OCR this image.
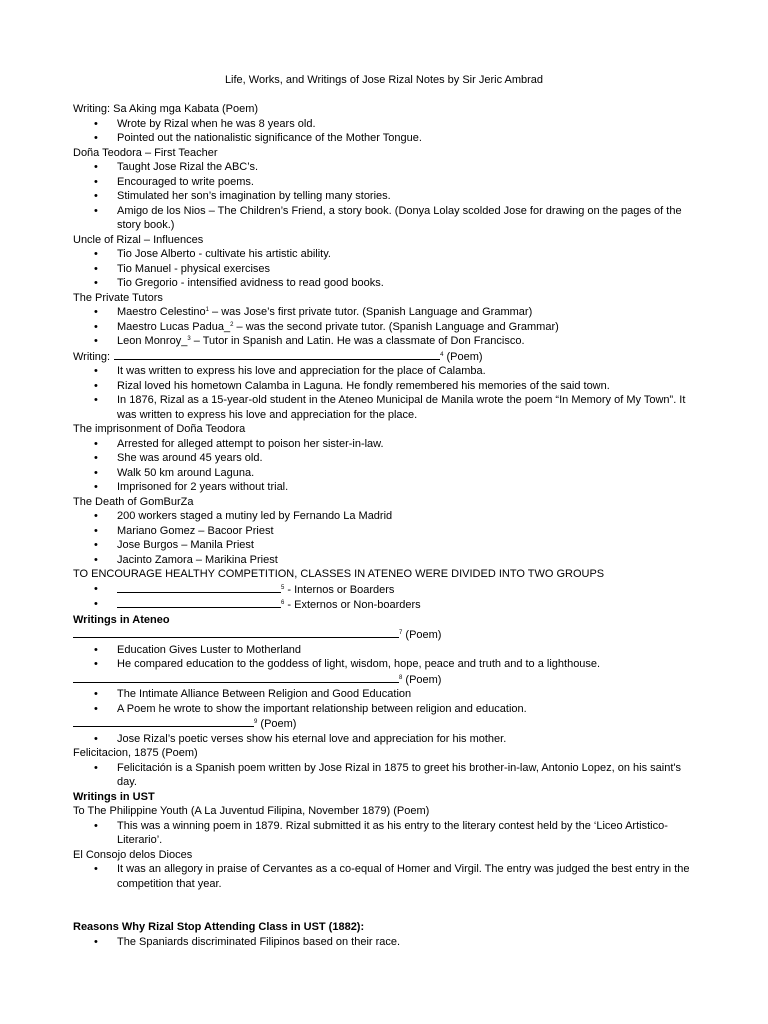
Life, Works, and Writings of Jose Rizal Notes by Sir Jeric Ambrad
Writing: Sa Aking mga Kabata (Poem)
• Wrote by Rizal when he was 8 years old.
• Pointed out the nationalistic significance of the Mother Tongue.
Doña Teodora – First Teacher
• Taught Jose Rizal the ABC’s.
• Encouraged to write poems.
• Stimulated her son’s imagination by telling many stories.
• Amigo de los Nios – The Children’s Friend, a story book. (Donya Lolay scolded Jose for drawing on the pages of the story book.)
Uncle of Rizal – Influences
• Tio Jose Alberto - cultivate his artistic ability.
• Tio Manuel - physical exercises
• Tio Gregorio - intensified avidness to read good books.
The Private Tutors
• Maestro Celestino$^1$ – was Jose’s first private tutor. (Spanish Language and Grammar)
• Maestro Lucas Padua_$^2$ – was the second private tutor. (Spanish Language and Grammar)
• Leon Monroy_$^3$ – Tutor in Spanish and Latin. He was a classmate of Don Francisco.
Writing:	$^4$ (Poem)
• It was written to express his love and appreciation for the place of Calamba.
• Rizal loved his hometown Calamba in Laguna. He fondly remembered his memories of the said town.
• In 1876, Rizal as a 15-year-old student in the Ateneo Municipal de Manila wrote the poem “In Memory of My Town”. It was written to express his love and appreciation for the place.
The imprisonment of Doña Teodora
• Arrested for alleged attempt to poison her sister-in-law.
• She was around 45 years old.
• Walk 50 km around Laguna.
• Imprisoned for 2 years without trial.
The Death of GomBurZa
• 200 workers staged a mutiny led by Fernando La Madrid
• Mariano Gomez – Bacoor Priest
• Jose Burgos – Manila Priest
• Jacinto Zamora – Marikina Priest
TO ENCOURAGE HEALTHY COMPETITION, CLASSES IN ATENEO WERE DIVIDED INTO TWO GROUPS
• $^5$ - Internos or Boarders
• $^6$ - Externos or Non-boarders
Writings in Ateneo
$^7$ (Poem)
• Education Gives Luster to Motherland
• He compared education to the goddess of light, wisdom, hope, peace and truth and to a lighthouse.
$^8$ (Poem)
• The Intimate Alliance Between Religion and Good Education
• A Poem he wrote to show the important relationship between religion and education.
$^9$ (Poem)
• Jose Rizal’s poetic verses show his eternal love and appreciation for his mother.
Felicitacion, 1875 (Poem)
• Felicitación is a Spanish poem written by Jose Rizal in 1875 to greet his brother-in-law, Antonio Lopez, on his saint's day.
Writings in UST
To The Philippine Youth (A La Juventud Filipina, November 1879) (Poem)
• This was a winning poem in 1879. Rizal submitted it as his entry to the literary contest held by the ‘Liceo Artistico-Literario’.
El Consojo delos Dioces
• It was an allegory in praise of Cervantes as a co-equal of Homer and Virgil. The entry was judged the best entry in the competition that year.
Reasons Why Rizal Stop Attending Class in UST (1882):
• The Spaniards discriminated Filipinos based on their race.
